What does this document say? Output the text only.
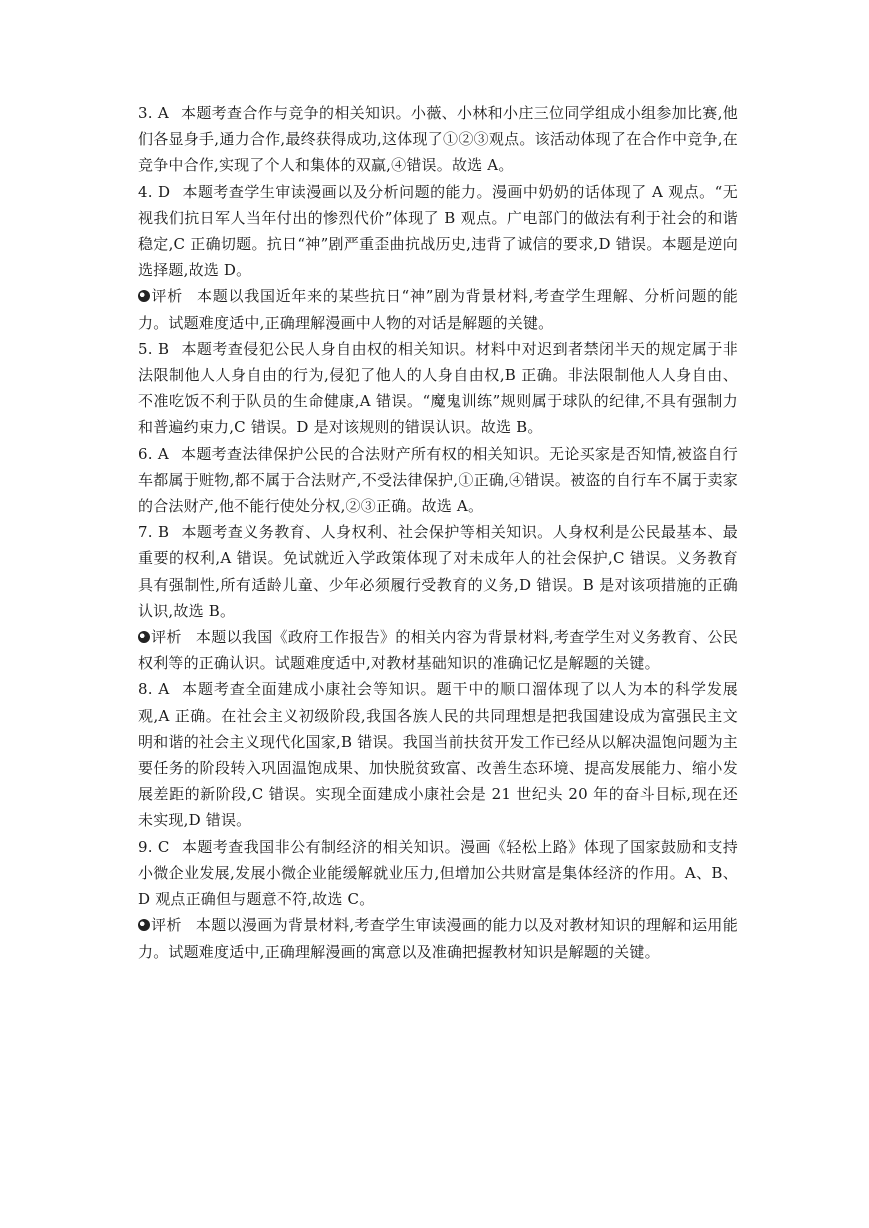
3. A 本题考查合作与竞争的相关知识。小薇、小林和小庄三位同学组成小组参加比赛,他们各显身手,通力合作,最终获得成功,这体现了①②③观点。该活动体现了在合作中竞争,在竞争中合作,实现了个人和集体的双赢,④错误。故选 A。

4. D 本题考查学生审读漫画以及分析问题的能力。漫画中奶奶的话体现了 A 观点。“无视我们抗日军人当年付出的惨烈代价”体现了 B 观点。广电部门的做法有利于社会的和谐稳定,C 正确切题。抗日“神”剧严重歪曲抗战历史,违背了诚信的要求,D 错误。本题是逆向选择题,故选 D。

评析 本题以我国近年来的某些抗日“神”剧为背景材料,考查学生理解、分析问题的能力。试题难度适中,正确理解漫画中人物的对话是解题的关键。

5. B 本题考查侵犯公民人身自由权的相关知识。材料中对迟到者禁闭半天的规定属于非法限制他人人身自由的行为,侵犯了他人的人身自由权,B 正确。非法限制他人人身自由、不准吃饭不利于队员的生命健康,A 错误。“魔鬼训练”规则属于球队的纪律,不具有强制力和普遍约束力,C 错误。D 是对该规则的错误认识。故选 B。

6. A 本题考查法律保护公民的合法财产所有权的相关知识。无论买家是否知情,被盗自行车都属于赃物,都不属于合法财产,不受法律保护,①正确,④错误。被盗的自行车不属于卖家的合法财产,他不能行使处分权,②③正确。故选 A。

7. B 本题考查义务教育、人身权利、社会保护等相关知识。人身权利是公民最基本、最重要的权利,A 错误。免试就近入学政策体现了对未成年人的社会保护,C 错误。义务教育具有强制性,所有适龄儿童、少年必须履行受教育的义务,D 错误。B 是对该项措施的正确认识,故选 B。

评析 本题以我国《政府工作报告》的相关内容为背景材料,考查学生对义务教育、公民权利等的正确认识。试题难度适中,对教材基础知识的准确记忆是解题的关键。

8. A 本题考查全面建成小康社会等知识。题干中的顺口溜体现了以人为本的科学发展观,A 正确。在社会主义初级阶段,我国各族人民的共同理想是把我国建设成为富强民主文明和谐的社会主义现代化国家,B 错误。我国当前扶贫开发工作已经从以解决温饱问题为主要任务的阶段转入巩固温饱成果、加快脱贫致富、改善生态环境、提高发展能力、缩小发展差距的新阶段,C 错误。实现全面建成小康社会是 21 世纪头 20 年的奋斗目标,现在还未实现,D 错误。

9. C 本题考查我国非公有制经济的相关知识。漫画《轻松上路》体现了国家鼓励和支持小微企业发展,发展小微企业能缓解就业压力,但增加公共财富是集体经济的作用。A、B、D 观点正确但与题意不符,故选 C。

评析 本题以漫画为背景材料,考查学生审读漫画的能力以及对教材知识的理解和运用能力。试题难度适中,正确理解漫画的寓意以及准确把握教材知识是解题的关键。
